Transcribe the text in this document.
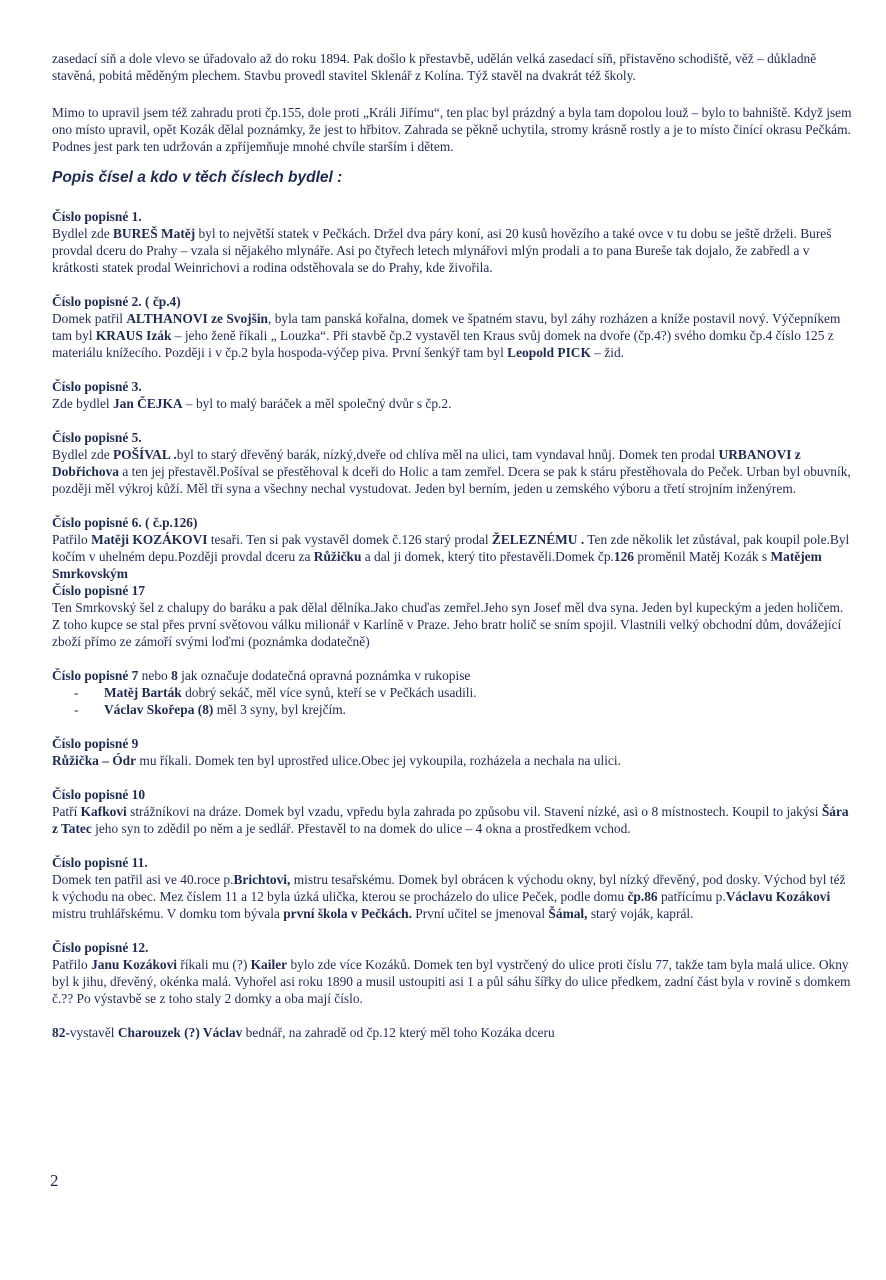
zasedací síň a dole vlevo se úřadovalo až do roku 1894. Pak došlo k přestavbě, udělán velká zasedací síň, přistavěno schodiště, věž – důkladně stavěná, pobitá měděným plechem. Stavbu provedl stavitel Sklenář z Kolína. Týž stavěl na dvakrát též školy.

Mimo to upravil jsem též zahradu proti čp.155, dole proti „Králi Jiřímu“, ten plac byl prázdný a byla tam dopolou louž – bylo to bahniště. Když jsem ono místo upravil, opět Kozák dělal poznámky, že jest to hřbitov. Zahrada se pěkně uchytila, stromy krásně rostly a je to místo činící okrasu Pečkám. Podnes jest park ten udržován a zpříjemňuje mnohé chvíle starším i dětem.

Popis čísel a kdo v těch číslech bydlel :
Číslo popisné 1.

Bydlel zde BUREŠ Matěj byl to největší statek v Pečkách. Držel dva páry koní, asi 20 kusů hovězího a také ovce v tu dobu se ještě drželi. Bureš provdal dceru do Prahy – vzala si nějakého mlynáře. Asi po čtyřech letech mlynářovi mlýn prodali a to pana Bureše tak dojalo, že zabředl a v krátkosti statek prodal Weinrichovi a rodina odstěhovala se do Prahy, kde živořila.

Číslo popisné 2. ( čp.4)

Domek patřil ALTHANOVI ze Svojšin, byla tam panská kořalna, domek ve špatném stavu, byl záhy rozházen a kníže postavil nový. Výčepníkem tam byl KRAUS Izák – jeho ženě říkali „ Louzka“. Při stavbě čp.2 vystavěl ten Kraus svůj domek na dvoře (čp.4?) svého domku čp.4 číslo 125 z materiálu knížecího. Později i v čp.2 byla hospoda-výčep piva. První šenkýř tam byl Leopold PICK – žid.

Číslo popisné 3.

Zde bydlel Jan ČEJKA – byl to malý baráček a měl společný dvůr s čp.2.

Číslo popisné 5.

Bydlel zde POŠÍVAL .byl to starý dřevěný barák, nízký,dveře od chlíva měl na ulici, tam vyndaval hnůj. Domek ten prodal URBANOVI z Dobřichova a ten jej přestavěl.Pošíval se přestěhoval k dceři do Holic a tam zemřel. Dcera se pak k stáru přestěhovala do Peček. Urban byl obuvník, později měl výkroj kůží. Měl tři syna a všechny nechal vystudovat. Jeden byl berním, jeden u zemského výboru a třetí strojním inženýrem.

Číslo popisné 6. ( č.p.126)

Patřilo Matěji KOZÁKOVI tesaři. Ten si pak vystavěl domek č.126 starý prodal ŽELEZNÉMU . Ten zde několik let zůstával, pak koupil pole.Byl kočím v uhelném depu.Později provdal dceru za Růžičku a dal ji domek, který tito přestavěli.Domek čp.126 proměnil Matěj Kozák s Matějem Smrkovským

Číslo popisné 17

Ten Smrkovský šel z chalupy do baráku a pak dělal dělníka.Jako chuďas zemřel.Jeho syn Josef měl dva syna. Jeden byl kupeckým a jeden holičem. Z toho kupce se stal přes první světovou válku milionář v Karlíně v Praze. Jeho bratr holič se sním spojil. Vlastnili velký obchodní dům, dovážející zboží přímo ze zámoří svými loďmi (poznámka dodatečně)

Číslo popisné 7 nebo 8 jak označuje dodatečná opravná poznámka v rukopise

- Matěj Barták dobrý sekáč, měl více synů, kteří se v Pečkách usadili.
- Václav Skořepa (8) měl 3 syny, byl krejčím.
Číslo popisné 9

Růžička – Ódr mu říkali. Domek ten byl uprostřed ulice.Obec jej vykoupila, rozházela a nechala na ulici.

Číslo popisné 10

Patří Kafkovi strážníkovi na dráze. Domek byl vzadu, vpředu byla zahrada po způsobu vil. Stavení nízké, asi o 8 místnostech. Koupil to jakýsi Šára z Tatec jeho syn to zdědil po něm a je sedlář. Přestavěl to na domek do ulice – 4 okna a prostředkem vchod.

Číslo popisné 11.

Domek ten patřil asi ve 40.roce p.Brichtovi, mistru tesařskému. Domek byl obrácen k východu okny, byl nízký dřevěný, pod dosky. Východ byl též k východu na obec. Mez číslem 11 a 12 byla úzká ulička, kterou se procházelo do ulice Peček, podle domu čp.86 patřícímu p.Václavu Kozákovi mistru truhlářskému. V domku tom bývala první škola v Pečkách. První učitel se jmenoval Šámal, starý voják, kaprál.

Číslo popisné 12.

Patřilo Janu Kozákovi říkali mu (?) Kailer bylo zde více Kozáků. Domek ten byl vystrčený do ulice proti číslu 77, takže tam byla malá ulice. Okny byl k jihu, dřevěný, okénka malá. Vyhořel asi roku 1890 a musil ustoupiti asi 1 a půl sáhu šířky do ulice předkem, zadní část byla v rovině s domkem č.?? Po výstavbě se z toho staly 2 domky a oba mají číslo.

82-vystavěl Charouzek (?) Václav bednář, na zahradě od čp.12 který měl toho Kozáka dceru

2
